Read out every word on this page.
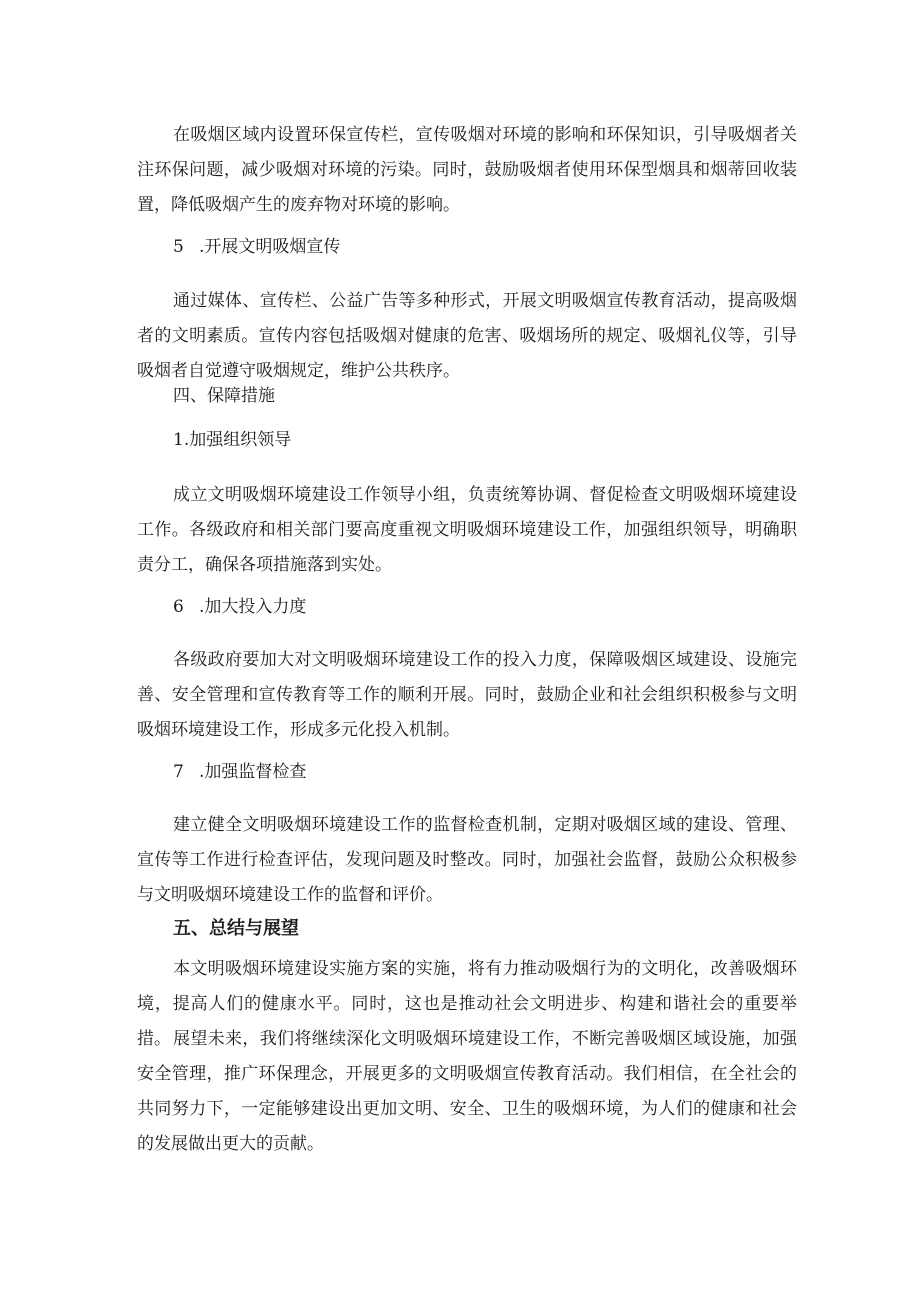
在吸烟区域内设置环保宣传栏，宣传吸烟对环境的影响和环保知识，引导吸烟者关注环保问题，减少吸烟对环境的污染。同时，鼓励吸烟者使用环保型烟具和烟蒂回收装置，降低吸烟产生的废弃物对环境的影响。

5 .开展文明吸烟宣传

通过媒体、宣传栏、公益广告等多种形式，开展文明吸烟宣传教育活动，提高吸烟者的文明素质。宣传内容包括吸烟对健康的危害、吸烟场所的规定、吸烟礼仪等，引导吸烟者自觉遵守吸烟规定，维护公共秩序。

四、保障措施

1.加强组织领导

成立文明吸烟环境建设工作领导小组，负责统筹协调、督促检查文明吸烟环境建设工作。各级政府和相关部门要高度重视文明吸烟环境建设工作，加强组织领导，明确职责分工，确保各项措施落到实处。

6 .加大投入力度

各级政府要加大对文明吸烟环境建设工作的投入力度，保障吸烟区域建设、设施完善、安全管理和宣传教育等工作的顺利开展。同时，鼓励企业和社会组织积极参与文明吸烟环境建设工作，形成多元化投入机制。

7 .加强监督检查

建立健全文明吸烟环境建设工作的监督检查机制，定期对吸烟区域的建设、管理、宣传等工作进行检查评估，发现问题及时整改。同时，加强社会监督，鼓励公众积极参与文明吸烟环境建设工作的监督和评价。

五、总结与展望

本文明吸烟环境建设实施方案的实施，将有力推动吸烟行为的文明化，改善吸烟环境，提高人们的健康水平。同时，这也是推动社会文明进步、构建和谐社会的重要举措。 展望未来，我们将继续深化文明吸烟环境建设工作，不断完善吸烟区域设施，加强安全管理，推广环保理念，开展更多的文明吸烟宣传教育活动。我们相信，在全社会的共同努力下，一定能够建设出更加文明、安全、卫生的吸烟环境，为人们的健康和社会的发展做出更大的贡献。
